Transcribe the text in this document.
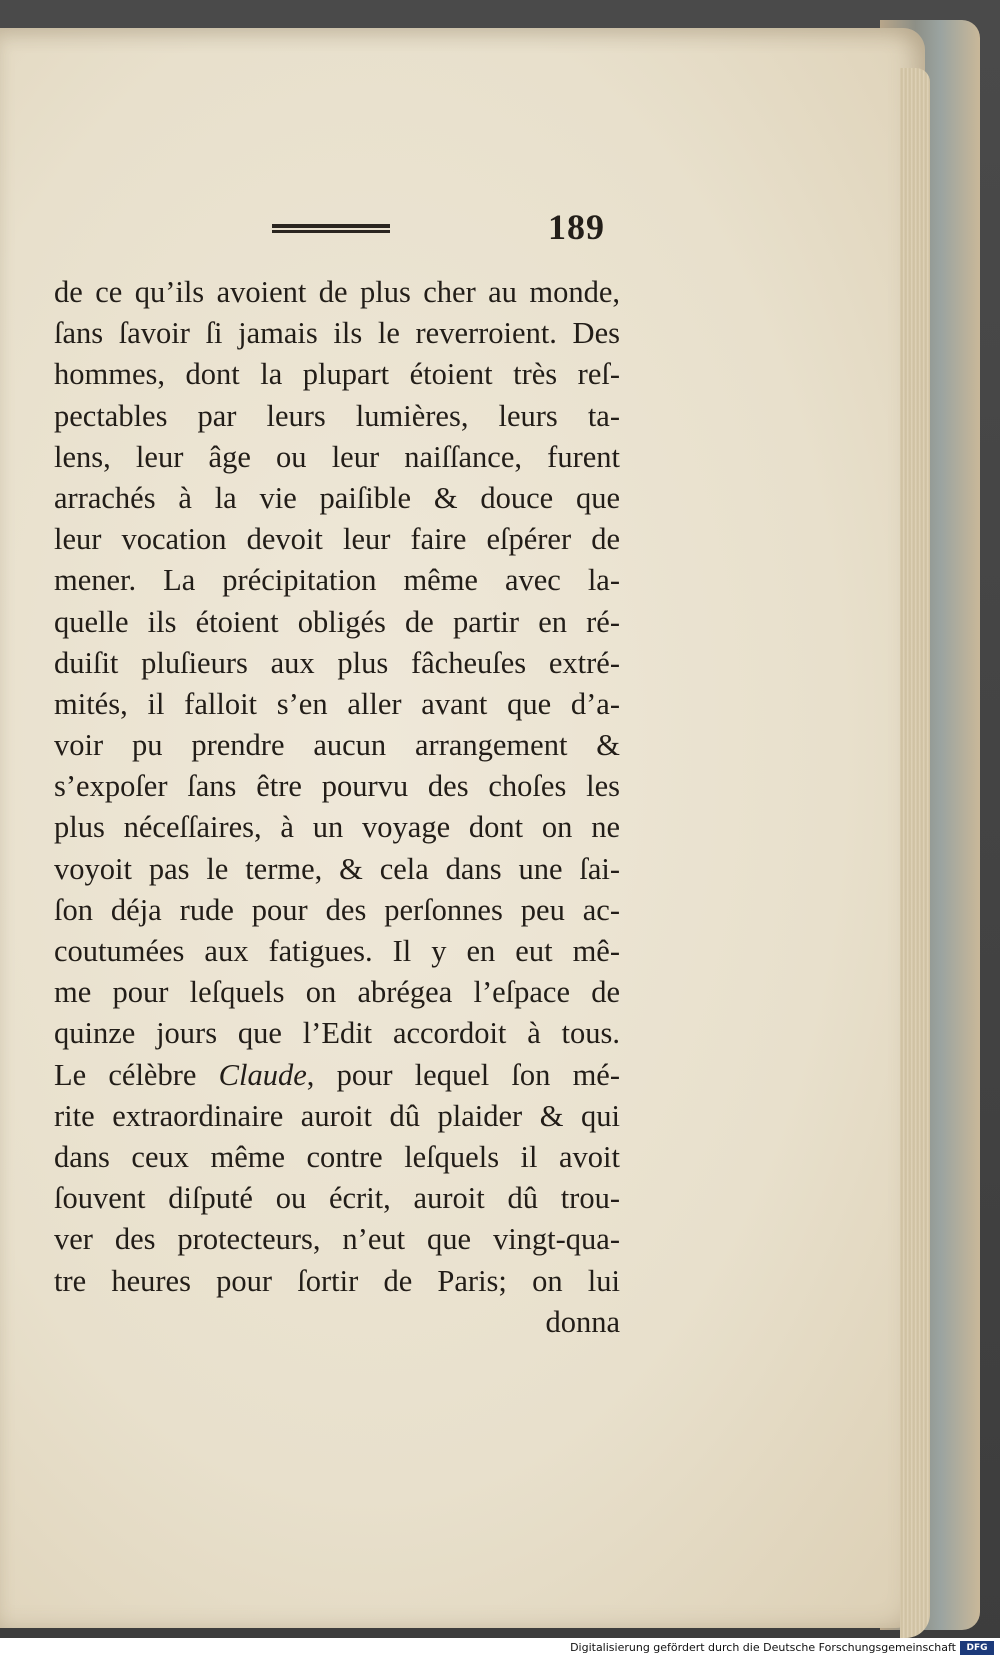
189
de ce qu’ils avoient de plus cher au monde,
ſans ſavoir ſi jamais ils le reverroient. Des
hommes, dont la plupart étoient très reſ-
pectables par leurs lumières, leurs ta-
lens, leur âge ou leur naiſſance, furent
arrachés à la vie paiſible & douce que
leur vocation devoit leur faire eſpérer de
mener. La précipitation même avec la-
quelle ils étoient obligés de partir en ré-
duiſit pluſieurs aux plus fâcheuſes extré-
mités, il falloit s’en aller avant que d’a-
voir pu prendre aucun arrangement &
s’expoſer ſans être pourvu des choſes les
plus néceſſaires, à un voyage dont on ne
voyoit pas le terme, & cela dans une ſai-
ſon déja rude pour des perſonnes peu ac-
coutumées aux fatigues. Il y en eut mê-
me pour leſquels on abrégea l’eſpace de
quinze jours que l’Edit accordoit à tous.
Le célèbre Claude, pour lequel ſon mé-
rite extraordinaire auroit dû plaider & qui
dans ceux même contre leſquels il avoit
ſouvent diſputé ou écrit, auroit dû trou-
ver des protecteurs, n’eut que vingt-qua-
tre heures pour ſortir de Paris; on lui
donna
Digitalisierung gefördert durch die Deutsche Forschungsgemeinschaft	DFG
